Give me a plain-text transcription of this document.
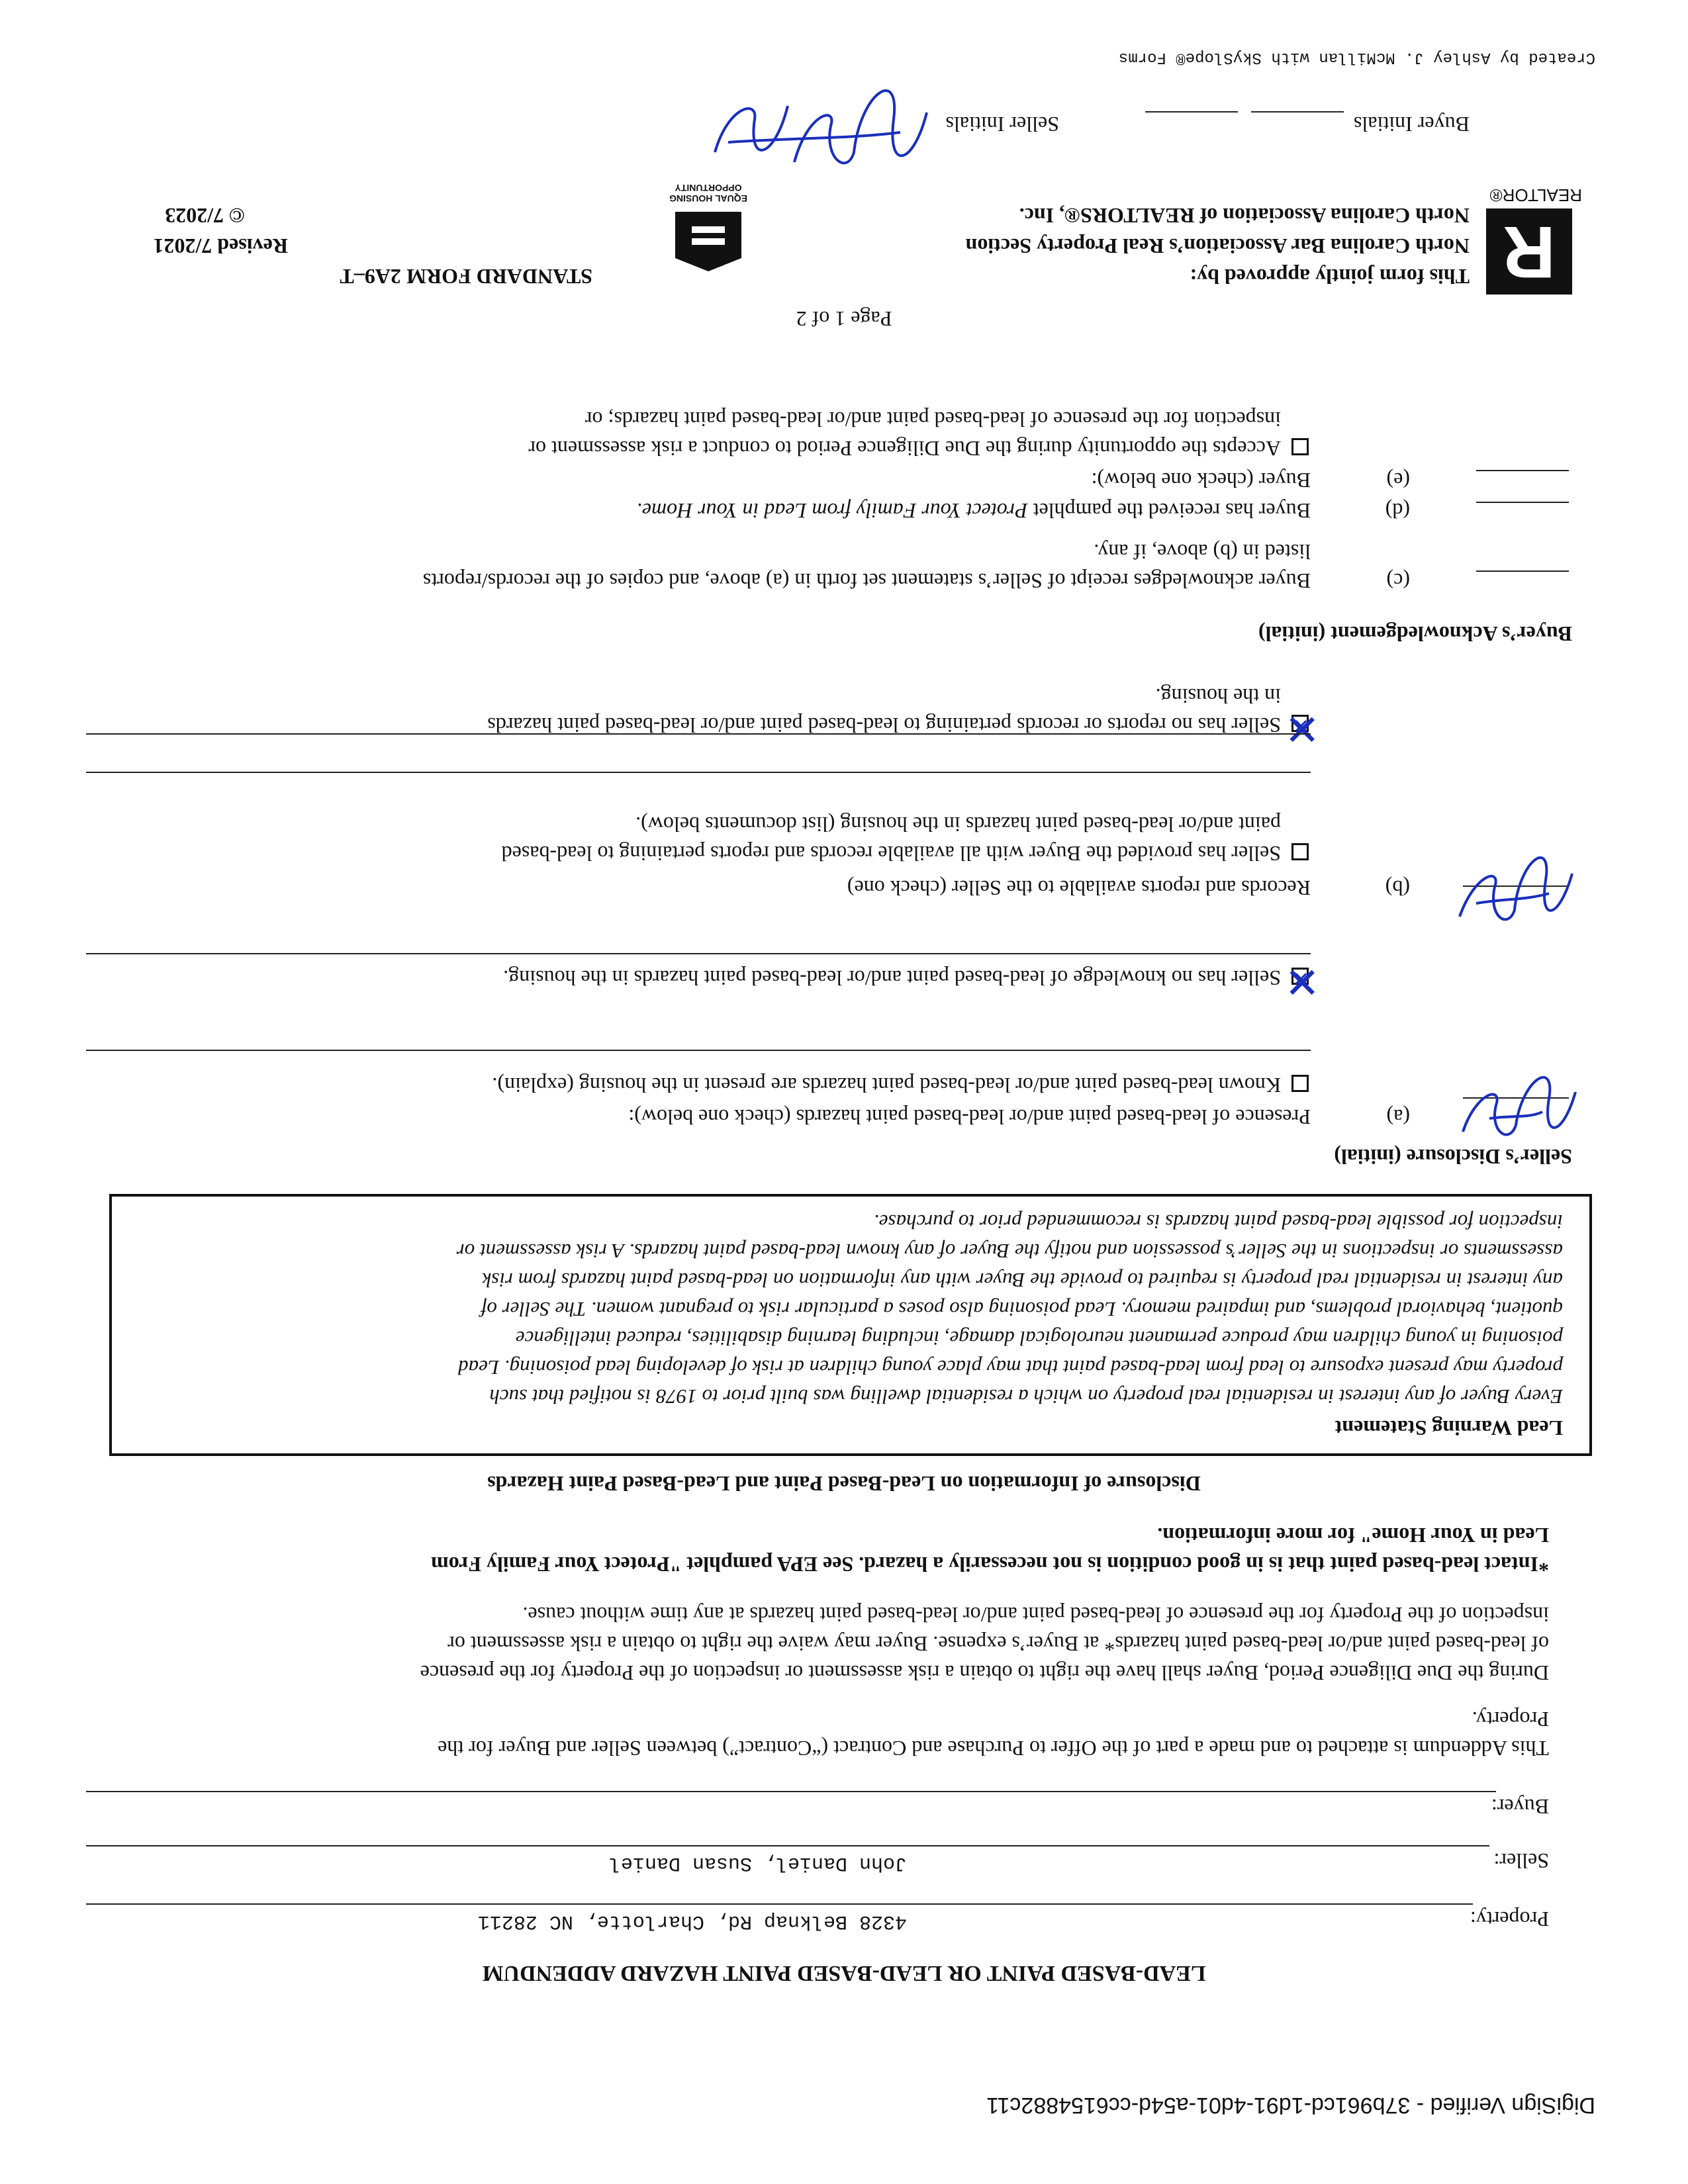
DigiSign Verified - 37b961cd-1d91-4d01-a54d-cc61548​82c11
LEAD-BASED PAINT OR LEAD-BASED PAINT HAZARD ADDENDUM
Property:
4328 Belknap Rd, Charlotte, NC 28211
Seller:
John Daniel, Susan Daniel
Buyer:
This Addendum is attached to and made a part of the Offer to Purchase and Contract (“Contract”) between Seller and Buyer for the
Property.
During the Due Diligence Period, Buyer shall have the right to obtain a risk assessment or inspection of the Property for the presence
of lead-based paint and/or lead-based paint hazards* at Buyer’s expense. Buyer may waive the right to obtain a risk assessment or
inspection of the Property for the presence of lead-based paint and/or lead-based paint hazards at any time without cause.
*Intact lead-based paint that is in good condition is not necessarily a hazard. See EPA pamphlet "Protect Your Family From
Lead in Your Home" for more information.
Disclosure of Information on Lead-Based Paint and Lead-Based Paint Hazards
Lead Warning Statement
Every Buyer of any interest in residential real property on which a residential dwelling was built prior to 1978 is notified that such
property may present exposure to lead from lead-based paint that may place young children at risk of developing lead poisoning. Lead
poisoning in young children may produce permanent neurological damage, including learning disabilities, reduced intelligence
quotient, behavioral problems, and impaired memory. Lead poisoning also poses a particular risk to pregnant women. The Seller of
any interest in residential real property is required to provide the Buyer with any information on lead-based paint hazards from risk
assessments or inspections in the Seller’s possession and notify the Buyer of any known lead-based paint hazards. A risk assessment or
inspection for possible lead-based paint hazards is recommended prior to purchase.
Seller’s Disclosure (initial)
(a)
Presence of lead-based paint and/or lead-based paint hazards (check one below):
Known lead-based paint and/or lead-based paint hazards are present in the housing (explain).
✕
✕
Seller has no knowledge of lead-based paint and/or lead-based paint hazards in the housing.
(b)
Records and reports available to the Seller (check one)
Seller has provided the Buyer with all available records and reports pertaining to lead-based
paint and/or lead-based paint hazards in the housing (list documents below).
✕
✕
Seller has no reports or records pertaining to lead-based paint and/or lead-based paint hazards
in the housing.
Buyer’s Acknowledgement (initial)
(c)
Buyer acknowledges receipt of Seller’s statement set forth in (a) above, and copies of the records/reports
listed in (b) above, if any.
(d)
Buyer has received the pamphlet Protect Your Family from Lead in Your Home.
(e)
Buyer (check one below):
Accepts the opportunity during the Due Diligence Period to conduct a risk assessment or
inspection for the presence of lead-based paint and/or lead-based paint hazards; or
Page 1 of 2
R
REALTOR®
This form jointly approved by:
North Carolina Bar Association’s Real Property Section
North Carolina Association of REALTORS®, Inc.
EQUAL HOUSING
OPPORTUNITY
STANDARD FORM 2A9–T
Revised 7/2021
© 7/2023
Buyer Initials
Seller Initials
Created by Ashley J. McMillan with SkySlope® Forms
